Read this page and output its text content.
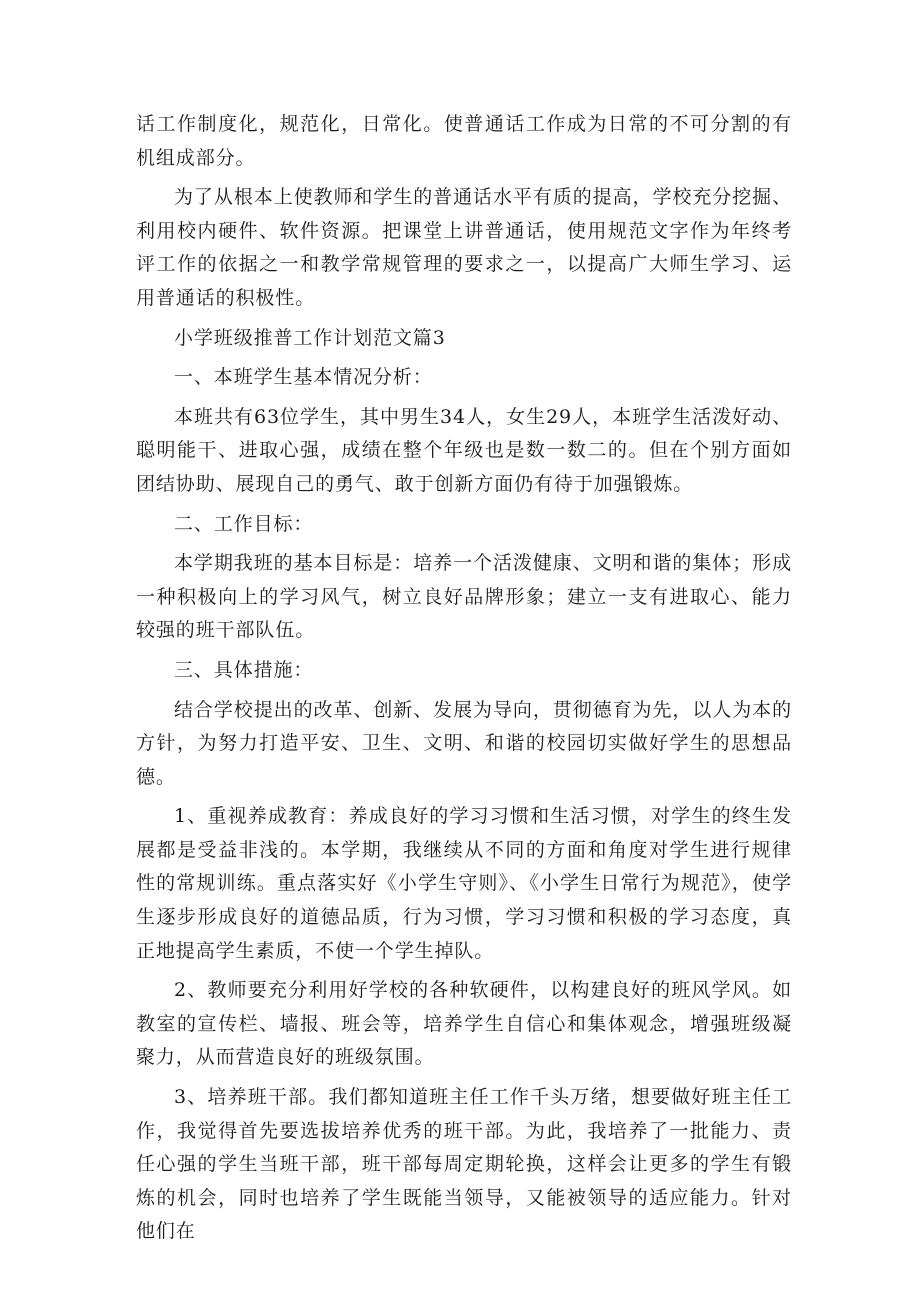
话工作制度化，规范化，日常化。使普通话工作成为日常的不可分割的有机组成部分。

为了从根本上使教师和学生的普通话水平有质的提高，学校充分挖掘、利用校内硬件、软件资源。把课堂上讲普通话，使用规范文字作为年终考评工作的依据之一和教学常规管理的要求之一，以提高广大师生学习、运用普通话的积极性。

小学班级推普工作计划范文篇3

一、本班学生基本情况分析：

本班共有63位学生，其中男生34人，女生29人，本班学生活泼好动、聪明能干、进取心强，成绩在整个年级也是数一数二的。但在个别方面如团结协助、展现自己的勇气、敢于创新方面仍有待于加强锻炼。

二、工作目标：

本学期我班的基本目标是：培养一个活泼健康、文明和谐的集体；形成一种积极向上的学习风气，树立良好品牌形象；建立一支有进取心、能力较强的班干部队伍。

三、具体措施：

结合学校提出的改革、创新、发展为导向，贯彻德育为先，以人为本的方针，为努力打造平安、卫生、文明、和谐的校园切实做好学生的思想品德。

1、重视养成教育：养成良好的学习习惯和生活习惯，对学生的终生发展都是受益非浅的。本学期，我继续从不同的方面和角度对学生进行规律性的常规训练。重点落实好《小学生守则》、《小学生日常行为规范》，使学生逐步形成良好的道德品质，行为习惯，学习习惯和积极的学习态度，真正地提高学生素质，不使一个学生掉队。

2、教师要充分利用好学校的各种软硬件，以构建良好的班风学风。如教室的宣传栏、墙报、班会等，培养学生自信心和集体观念，增强班级凝聚力，从而营造良好的班级氛围。

3、培养班干部。我们都知道班主任工作千头万绪，想要做好班主任工作，我觉得首先要选拔培养优秀的班干部。为此，我培养了一批能力、责任心强的学生当班干部，班干部每周定期轮换，这样会让更多的学生有锻炼的机会，同时也培养了学生既能当领导，又能被领导的适应能力。针对他们在
